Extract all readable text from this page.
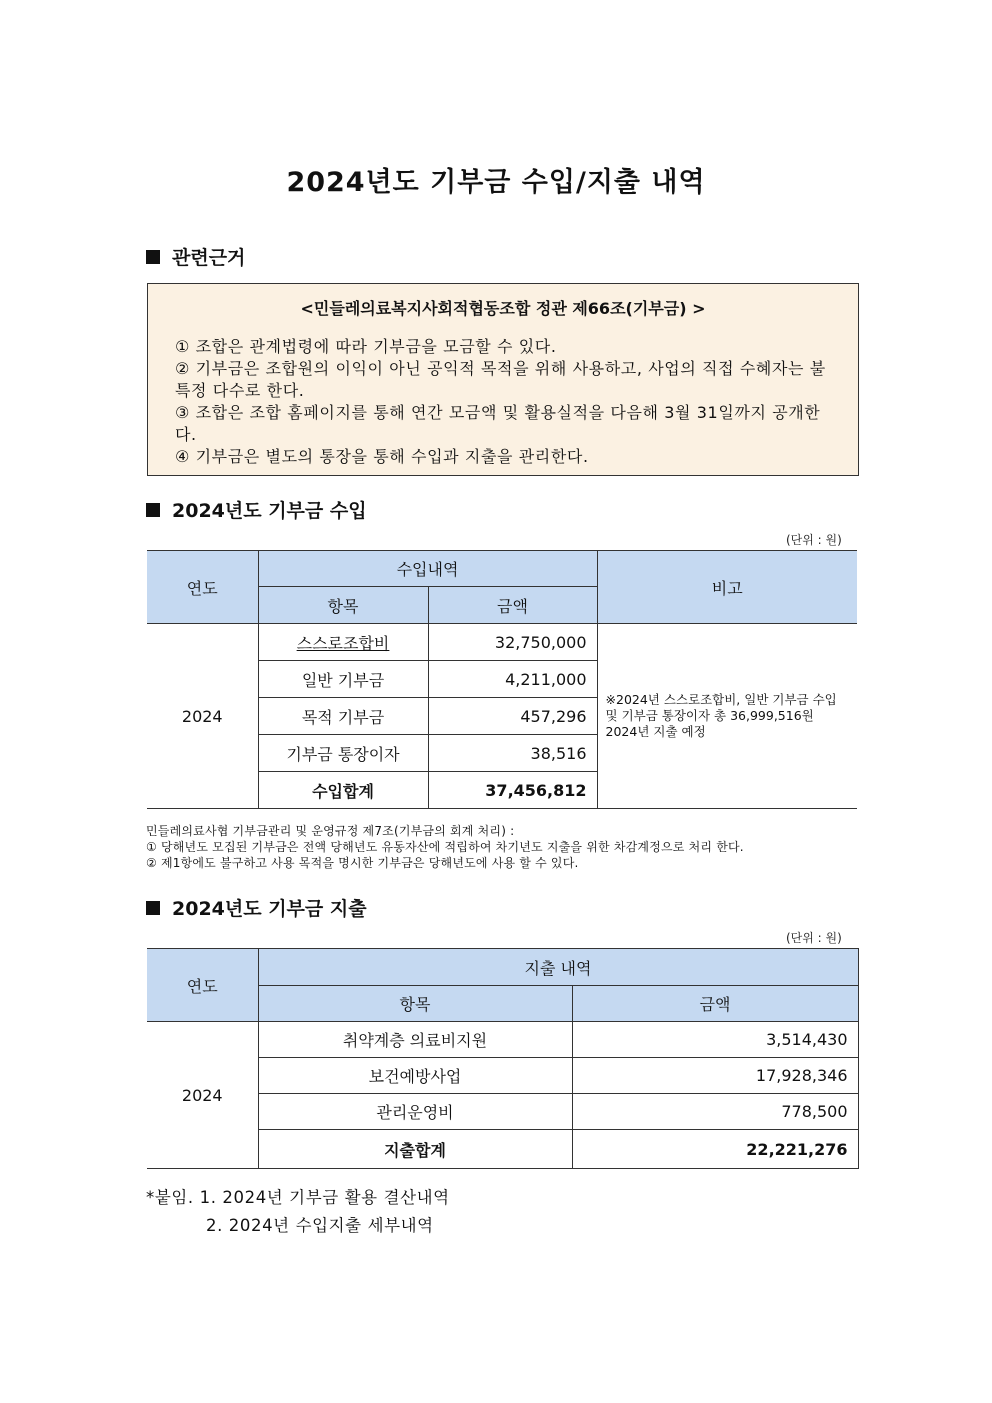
2024년도 기부금 수입/지출 내역
관련근거
<민들레의료복지사회적협동조합 정관 제66조(기부금) >

① 조합은 관계법령에 따라 기부금을 모금할 수 있다.

② 기부금은 조합원의 이익이 아닌 공익적 목적을 위해 사용하고, 사업의 직접 수혜자는 불특정 다수로 한다.

③ 조합은 조합 홈페이지를 통해 연간 모금액 및 활용실적을 다음해 3월 31일까지 공개한다.

④ 기부금은 별도의 통장을 통해 수입과 지출을 관리한다.

2024년도 기부금 수입
(단위 : 원)
연도	수입내역		비고
	항목	금액	
2024	스스로조합비	32,750,000	※2024년 스스로조합비, 일반 기부금 수입 및 기부금 통장이자 총 36,999,516원 2024년 지출 예정
	일반 기부금	4,211,000	
	목적 기부금	457,296	
	기부금 통장이자	38,516	
	수입합계	37,456,812	

민들레의료사협 기부금관리 및 운영규정 제7조(기부금의 회계 처리) :

① 당해년도 모집된 기부금은 전액 당해년도 유동자산에 적립하여 차기년도 지출을 위한 차감계정으로 처리 한다.

② 제1항에도 불구하고 사용 목적을 명시한 기부금은 당해년도에 사용 할 수 있다.

2024년도 기부금 지출
(단위 : 원)
연도	지출 내역	
	항목	금액
2024	취약계층 의료비지원	3,514,430
	보건예방사업	17,928,346
	관리운영비	778,500
	지출합계	22,221,276

*붙임. 1. 2024년 기부금 활용 결산내역

2. 2024년 수입지출 세부내역
